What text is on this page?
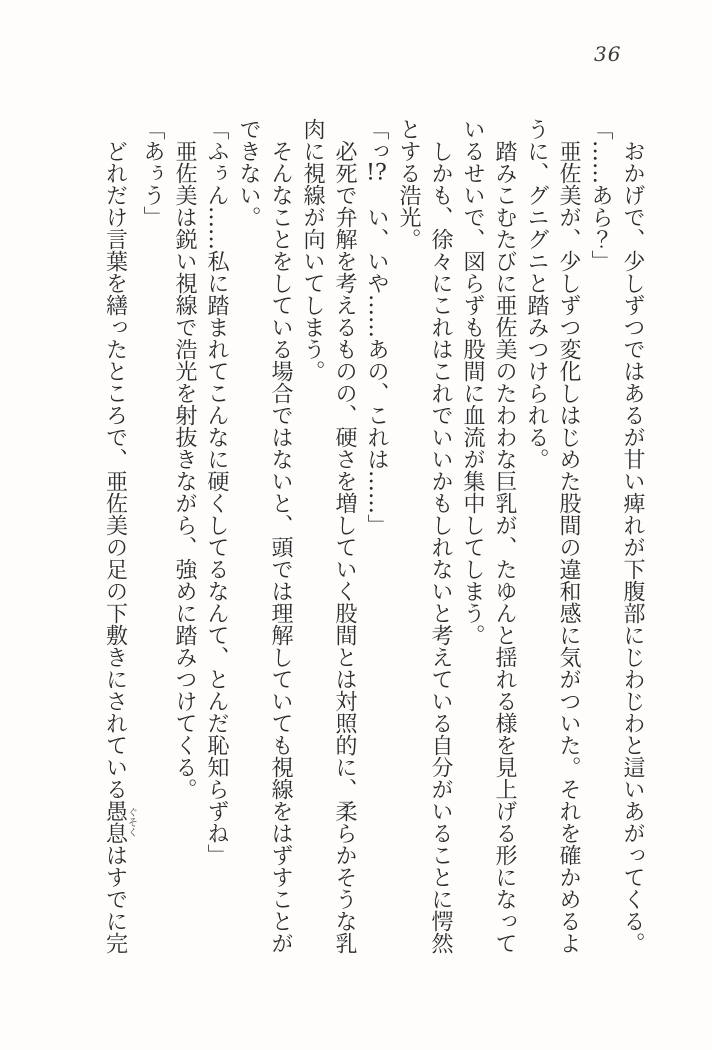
36

おかげで、少しずつではあるが甘い痺れが下腹部にじわじわと這いあがってくる。

「……あら？」

亜佐美が、少しずつ変化しはじめた股間の違和感に気がついた。それを確かめるように、グニグニと踏みつけられる。

踏みこむたびに亜佐美のたわわな巨乳が、たゆんと揺れる様を見上げる形になっているせいで、図らずも股間に血流が集中してしまう。

しかも、徐々にこれはこれでいいかもしれないと考えている自分がいることに愕然とする浩光。

「っ!?　い、いや……あの、これは……」

必死で弁解を考えるものの、硬さを増していく股間とは対照的に、柔らかそうな乳肉に視線が向いてしまう。

そんなことをしている場合ではないと、頭では理解していても視線をはずすことができない。

「ふぅん……私に踏まれてこんなに硬くしてるなんて、とんだ恥知らずね」

亜佐美は鋭い視線で浩光を射抜きながら、強めに踏みつけてくる。

「あぅう」

どれだけ言葉を繕ったところで、亜佐美の足の下敷きにされている愚息ぐそくはすでに完
